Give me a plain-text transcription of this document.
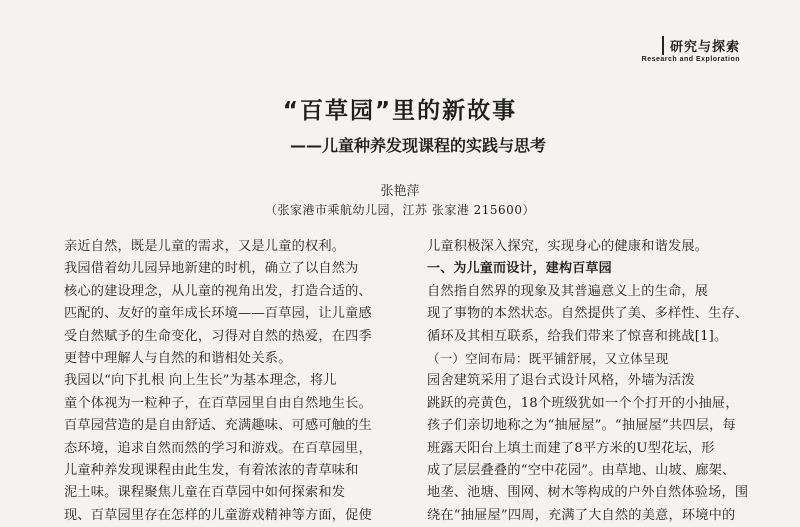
研究与探索
Research and Exploration
“百草园”里的新故事
——儿童种养发现课程的实践与思考
张艳萍
（张家港市乘航幼儿园，江苏 张家港 215600）
亲近自然，既是儿童的需求，又是儿童的权利。
我园借着幼儿园异地新建的时机，确立了以自然为
核心的建设理念，从儿童的视角出发，打造合适的、
匹配的、友好的童年成长环境——百草园，让儿童感
受自然赋予的生命变化，习得对自然的热爱，在四季
更替中理解人与自然的和谐相处关系。
我园以“向下扎根 向上生长”为基本理念，将儿
童个体视为一粒种子，在百草园里自由自然地生长。
百草园营造的是自由舒适、充满趣味、可感可触的生
态环境，追求自然而然的学习和游戏。在百草园里，
儿童种养发现课程由此生发，有着浓浓的青草味和
泥土味。课程聚焦儿童在百草园中如何探索和发
现、百草园里存在怎样的儿童游戏精神等方面，促使
儿童积极深入探究，实现身心的健康和谐发展。
一、为儿童而设计，建构百草园
自然指自然界的现象及其普遍意义上的生命，展
现了事物的本然状态。自然提供了美、多样性、生存、
循环及其相互联系，给我们带来了惊喜和挑战[1]。
（一）空间布局：既平铺舒展，又立体呈现
园舍建筑采用了退台式设计风格，外墙为活泼
跳跃的亮黄色，18个班级犹如一个个打开的小抽屉，
孩子们亲切地称之为“抽屉屋”。“抽屉屋”共四层，每
班露天阳台上填土而建了8平方米的U型花坛，形
成了层层叠叠的“空中花园”。由草地、山坡、廊架、
地垄、池塘、围网、树木等构成的户外自然体验场，围
绕在“抽屉屋”四周，充满了大自然的美意，环境中的
